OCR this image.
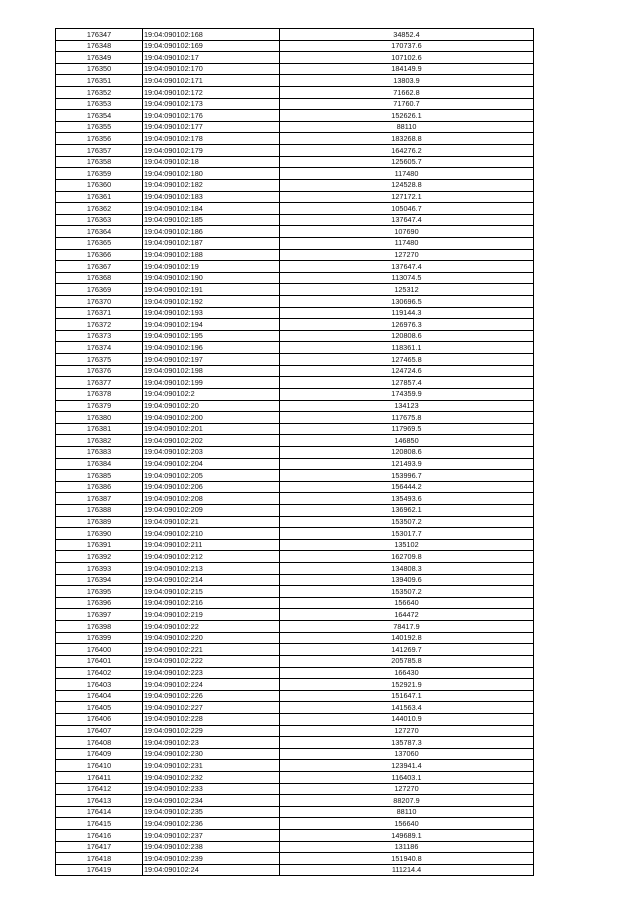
176347	19:04:090102:168	34852.4
176348	19:04:090102:169	170737.6
176349	19:04:090102:17	107102.6
176350	19:04:090102:170	184149.9
176351	19:04:090102:171	13803.9
176352	19:04:090102:172	71662.8
176353	19:04:090102:173	71760.7
176354	19:04:090102:176	152626.1
176355	19:04:090102:177	88110
176356	19:04:090102:178	183268.8
176357	19:04:090102:179	164276.2
176358	19:04:090102:18	125605.7
176359	19:04:090102:180	117480
176360	19:04:090102:182	124528.8
176361	19:04:090102:183	127172.1
176362	19:04:090102:184	105046.7
176363	19:04:090102:185	137647.4
176364	19:04:090102:186	107690
176365	19:04:090102:187	117480
176366	19:04:090102:188	127270
176367	19:04:090102:19	137647.4
176368	19:04:090102:190	113074.5
176369	19:04:090102:191	125312
176370	19:04:090102:192	130696.5
176371	19:04:090102:193	119144.3
176372	19:04:090102:194	126976.3
176373	19:04:090102:195	120808.6
176374	19:04:090102:196	118361.1
176375	19:04:090102:197	127465.8
176376	19:04:090102:198	124724.6
176377	19:04:090102:199	127857.4
176378	19:04:090102:2	174359.9
176379	19:04:090102:20	134123
176380	19:04:090102:200	117675.8
176381	19:04:090102:201	117969.5
176382	19:04:090102:202	146850
176383	19:04:090102:203	120808.6
176384	19:04:090102:204	121493.9
176385	19:04:090102:205	153996.7
176386	19:04:090102:206	156444.2
176387	19:04:090102:208	135493.6
176388	19:04:090102:209	136962.1
176389	19:04:090102:21	153507.2
176390	19:04:090102:210	153017.7
176391	19:04:090102:211	135102
176392	19:04:090102:212	162709.8
176393	19:04:090102:213	134808.3
176394	19:04:090102:214	139409.6
176395	19:04:090102:215	153507.2
176396	19:04:090102:216	156640
176397	19:04:090102:219	164472
176398	19:04:090102:22	78417.9
176399	19:04:090102:220	140192.8
176400	19:04:090102:221	141269.7
176401	19:04:090102:222	205785.8
176402	19:04:090102:223	166430
176403	19:04:090102:224	152921.9
176404	19:04:090102:226	151647.1
176405	19:04:090102:227	141563.4
176406	19:04:090102:228	144010.9
176407	19:04:090102:229	127270
176408	19:04:090102:23	135787.3
176409	19:04:090102:230	137060
176410	19:04:090102:231	123941.4
176411	19:04:090102:232	116403.1
176412	19:04:090102:233	127270
176413	19:04:090102:234	88207.9
176414	19:04:090102:235	88110
176415	19:04:090102:236	156640
176416	19:04:090102:237	149689.1
176417	19:04:090102:238	131186
176418	19:04:090102:239	151940.8
176419	19:04:090102:24	111214.4
